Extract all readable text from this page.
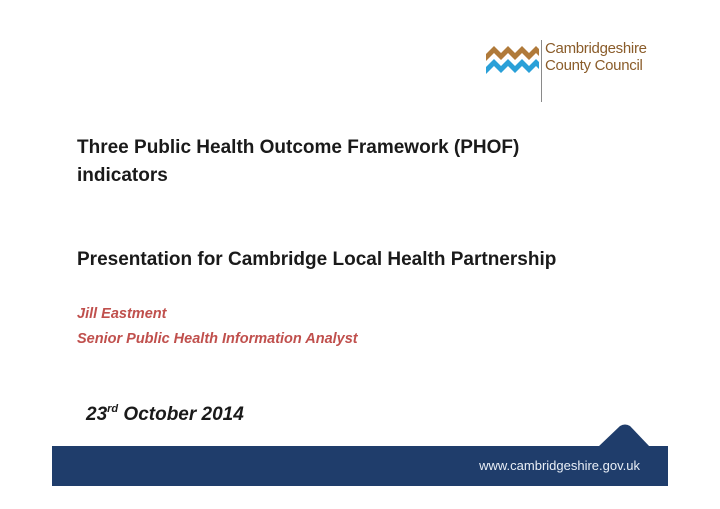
Cambridgeshire
County Council
Three Public Health Outcome Framework (PHOF)
indicators
Presentation for Cambridge Local Health Partnership
Jill Eastment
Senior Public Health Information Analyst
23rd October 2014
www.cambridgeshire.gov.uk
